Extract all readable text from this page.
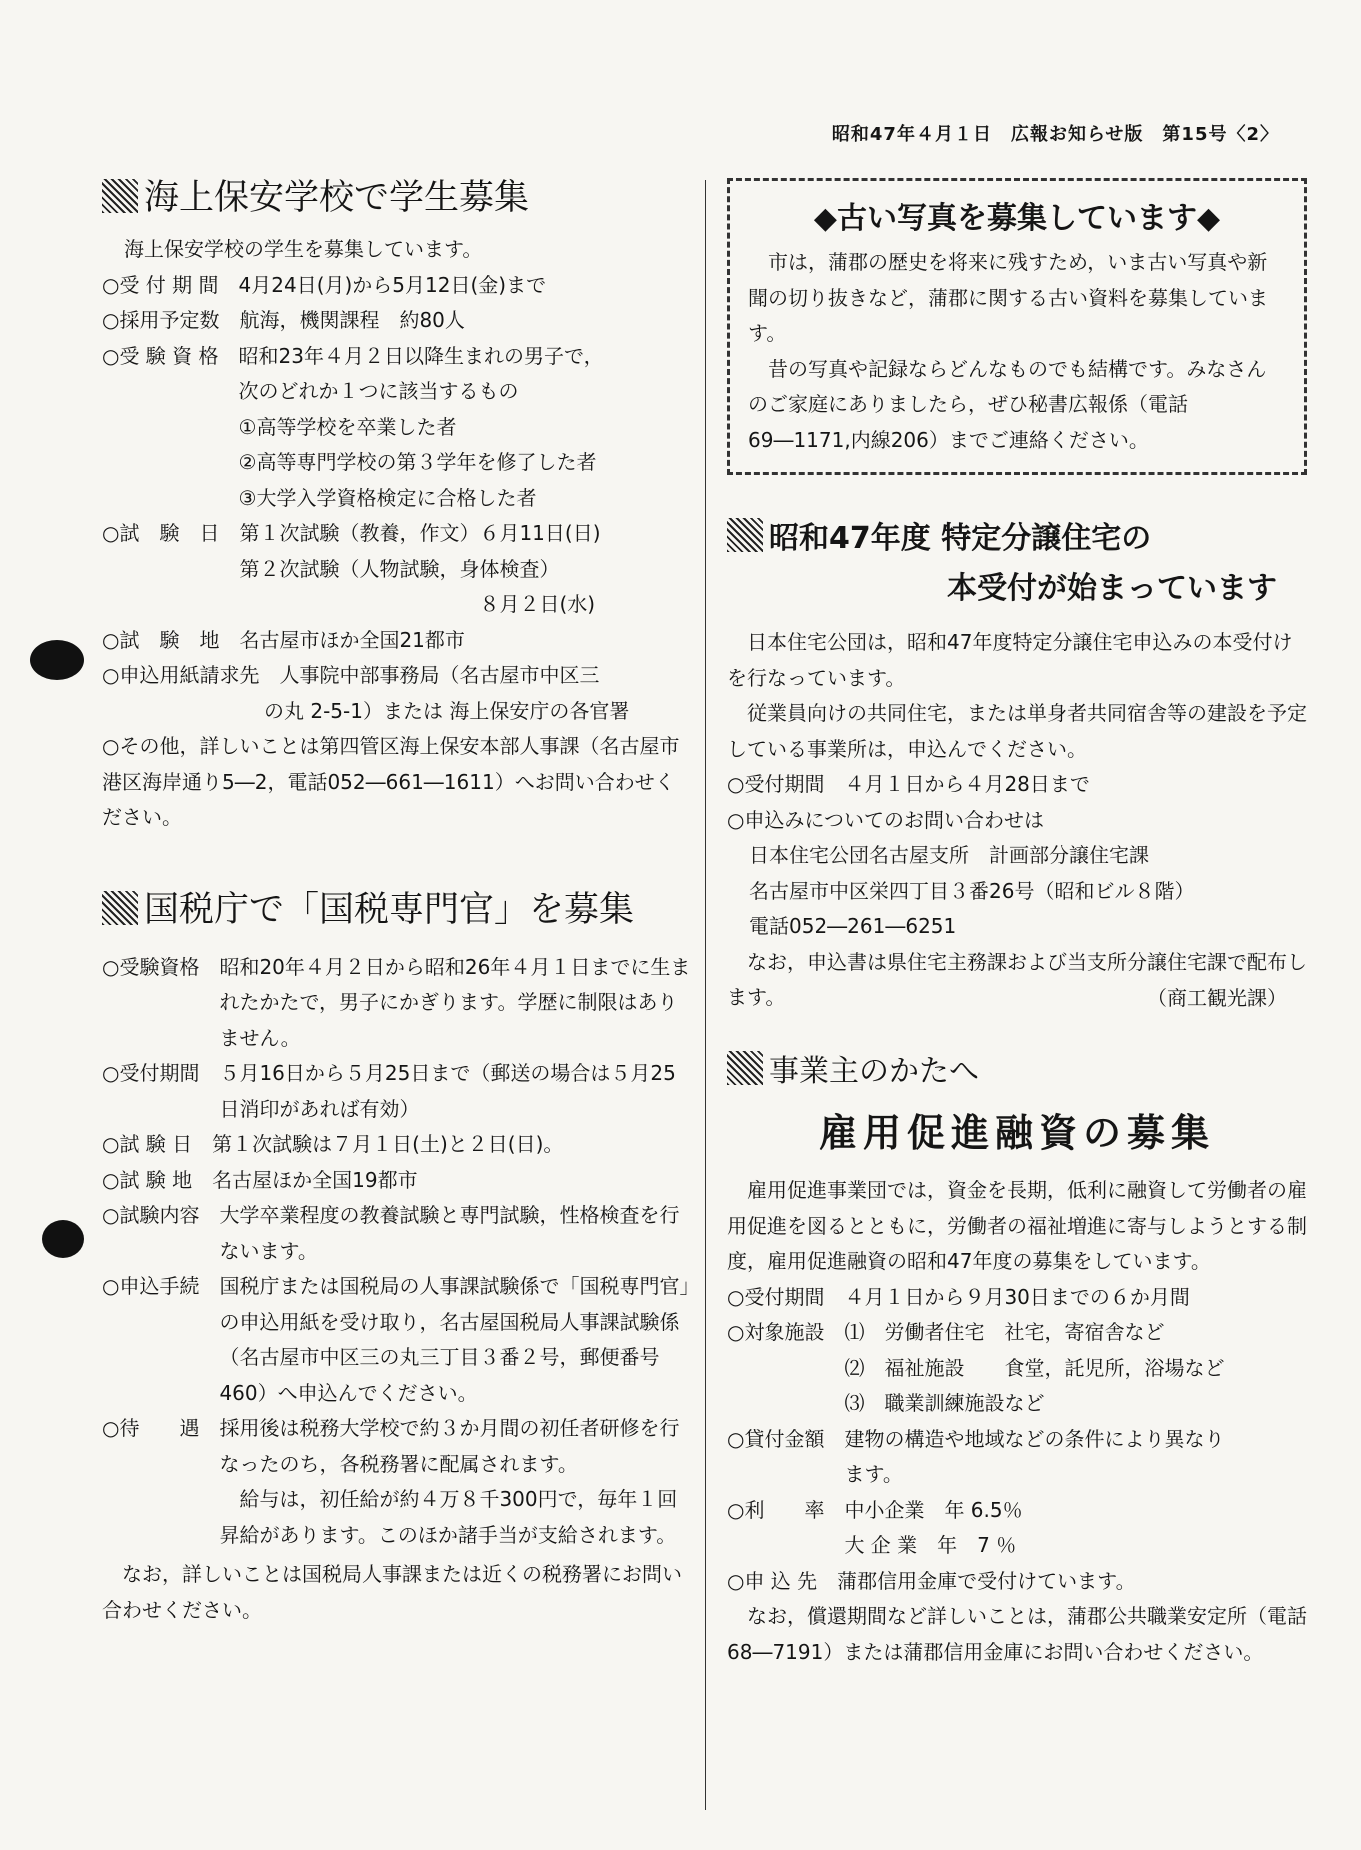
昭和47年４月１日　広報お知らせ版　第15号〈2〉
海上保安学校で学生募集

海上保安学校の学生を募集しています。

○受 付 期 間　 4月24日(月)から5月12日(金)まで
○採用予定数　 航海，機関課程　約80人
○受 験 資 格　 昭和23年４月２日以降生まれの男子で，
次のどれか１つに該当するもの
①高等学校を卒業した者
②高等専門学校の第３学年を修了した者
③大学入学資格検定に合格した者
○試　験　日　 第１次試験（教養，作文）６月11日(日)
第２次試験（人物試験，身体検査）
　　　　　　　　　　　　８月２日(水)
○試　験　地　 名古屋市ほか全国21都市

○申込用紙請求先　人事院中部事務局（名古屋市中区三

の丸 2-5-1）または 海上保安庁の各官署

○その他，詳しいことは第四管区海上保安本部人事課（名古屋市港区海岸通り5―2，電話052―661―1611）へお問い合わせください。

国税庁で「国税専門官」を募集
○受験資格　 昭和20年４月２日から昭和26年４月１日までに生まれたかたで，男子にかぎります。学歴に制限はありません。
○受付期間　 ５月16日から５月25日まで（郵送の場合は５月25日消印があれば有効）
○試 験 日　 第１次試験は７月１日(土)と２日(日)。
○試 験 地　 名古屋ほか全国19都市
○試験内容　 大学卒業程度の教養試験と専門試験，性格検査を行ないます。
○申込手続　 国税庁または国税局の人事課試験係で「国税専門官」の申込用紙を受け取り，名古屋国税局人事課試験係（名古屋市中区三の丸三丁目３番２号，郵便番号 460）へ申込んでください。
○待　　遇　 採用後は税務大学校で約３か月間の初任者研修を行なったのち，各税務署に配属されます。
給与は，初任給が約４万８千300円で，毎年１回昇給があります。このほか諸手当が支給されます。

なお，詳しいことは国税局人事課または近くの税務署にお問い合わせください。

◆古い写真を募集しています◆

市は，蒲郡の歴史を将来に残すため，いま古い写真や新聞の切り抜きなど，蒲郡に関する古い資料を募集しています。

昔の写真や記録ならどんなものでも結構です。みなさんのご家庭にありましたら，ぜひ秘書広報係（電話69―1171,内線206）までご連絡ください。

昭和47年度 特定分譲住宅の
本受付が始まっています

日本住宅公団は，昭和47年度特定分譲住宅申込みの本受付けを行なっています。

従業員向けの共同住宅，または単身者共同宿舎等の建設を予定している事業所は，申込んでください。

○受付期間　４月１日から４月28日まで

○申込みについてのお問い合わせは

日本住宅公団名古屋支所　計画部分譲住宅課

名古屋市中区栄四丁目３番26号（昭和ビル８階）

電話052―261―6251

なお，申込書は県住宅主務課および当支所分譲住宅課で配布します。	（商工観光課）

事業主のかたへ
雇用促進融資の募集

雇用促進事業団では，資金を長期，低利に融資して労働者の雇用促進を図るとともに，労働者の福祉増進に寄与しようとする制度，雇用促進融資の昭和47年度の募集をしています。

○受付期間　 ４月１日から９月30日までの６か月間
○対象施設　 ⑴　労働者住宅　社宅，寄宿舎など
⑵　福祉施設　　食堂，託児所，浴場など
⑶　職業訓練施設など
○貸付金額　 建物の構造や地域などの条件により異なり
ます。
○利　　率　 中小企業　年 6.5％
大 企 業　年　7 ％
○申 込 先　 蒲郡信用金庫で受付けています。

なお，償還期間など詳しいことは，蒲郡公共職業安定所（電話68―7191）または蒲郡信用金庫にお問い合わせください。
